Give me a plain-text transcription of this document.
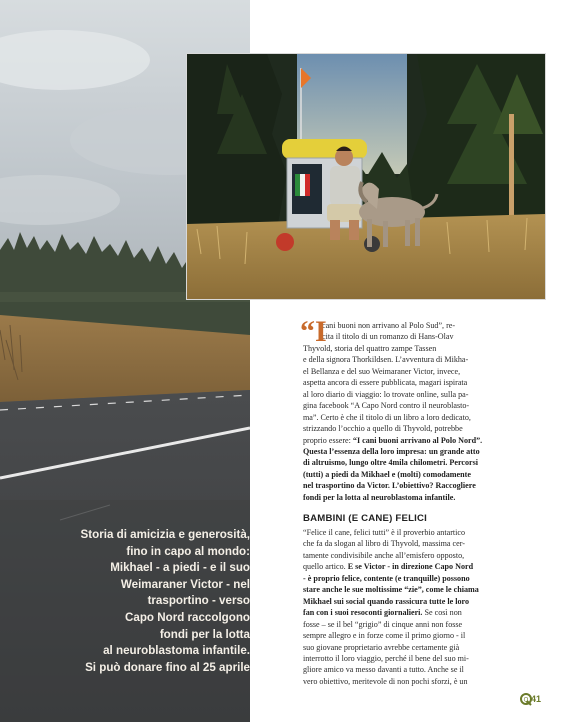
Storia di amicizia e generosità,
fino in capo al mondo:
Mikhael - a piedi - e il suo
Weimaraner Victor - nel
trasportino - verso
Capo Nord raccolgono
fondi per la lotta
al neuroblastoma infantile.
Si può donare fino al 25 aprile

“I
cani buoni non arrivano al Polo Sud”, re-
cita il titolo di un romanzo di Hans-Olav
Thyvold, storia del quattro zampe Tassen
e della signora Thorkildsen. L’avventura di Mikha-
el Bellanza e del suo Weimaraner Victor, invece,
aspetta ancora di essere pubblicata, magari ispirata
al loro diario di viaggio: lo trovate online, sulla pa-
gina facebook “A Capo Nord contro il neuroblasto-
ma”. Certo è che il titolo di un libro a loro dedicato,
strizzando l’occhio a quello di Thyvold, potrebbe
proprio essere: “I cani buoni arrivano al Polo Nord”.
Questa l’essenza della loro impresa: un grande atto
di altruismo, lungo oltre 4mila chilometri. Percorsi
(tutti) a piedi da Mikhael e (molti) comodamente
nel trasportino da Victor. L’obiettivo? Raccogliere
fondi per la lotta al neuroblastoma infantile.
BAMBINI (E CANE) FELICI
“Felice il cane, felici tutti” è il proverbio antartico
che fa da slogan al libro di Thyvold, massima cer-
tamente condivisibile anche all’emisfero opposto,
quello artico. E se Victor - in direzione Capo Nord
- è proprio felice, contente (e tranquille) possono
stare anche le sue moltissime “zie”, come le chiama
Mikhael sui social quando rassicura tutte le loro
fan con i suoi resoconti giornalieri. Se così non
fosse – se il bel “grigio” di cinque anni non fosse
sempre allegro e in forze come il primo giorno - il
suo giovane proprietario avrebbe certamente già
interrotto il loro viaggio, perché il bene del suo mi-
gliore amico va messo davanti a tutto. Anche se il
vero obiettivo, meritevole di non pochi sforzi, è un
Q 41
